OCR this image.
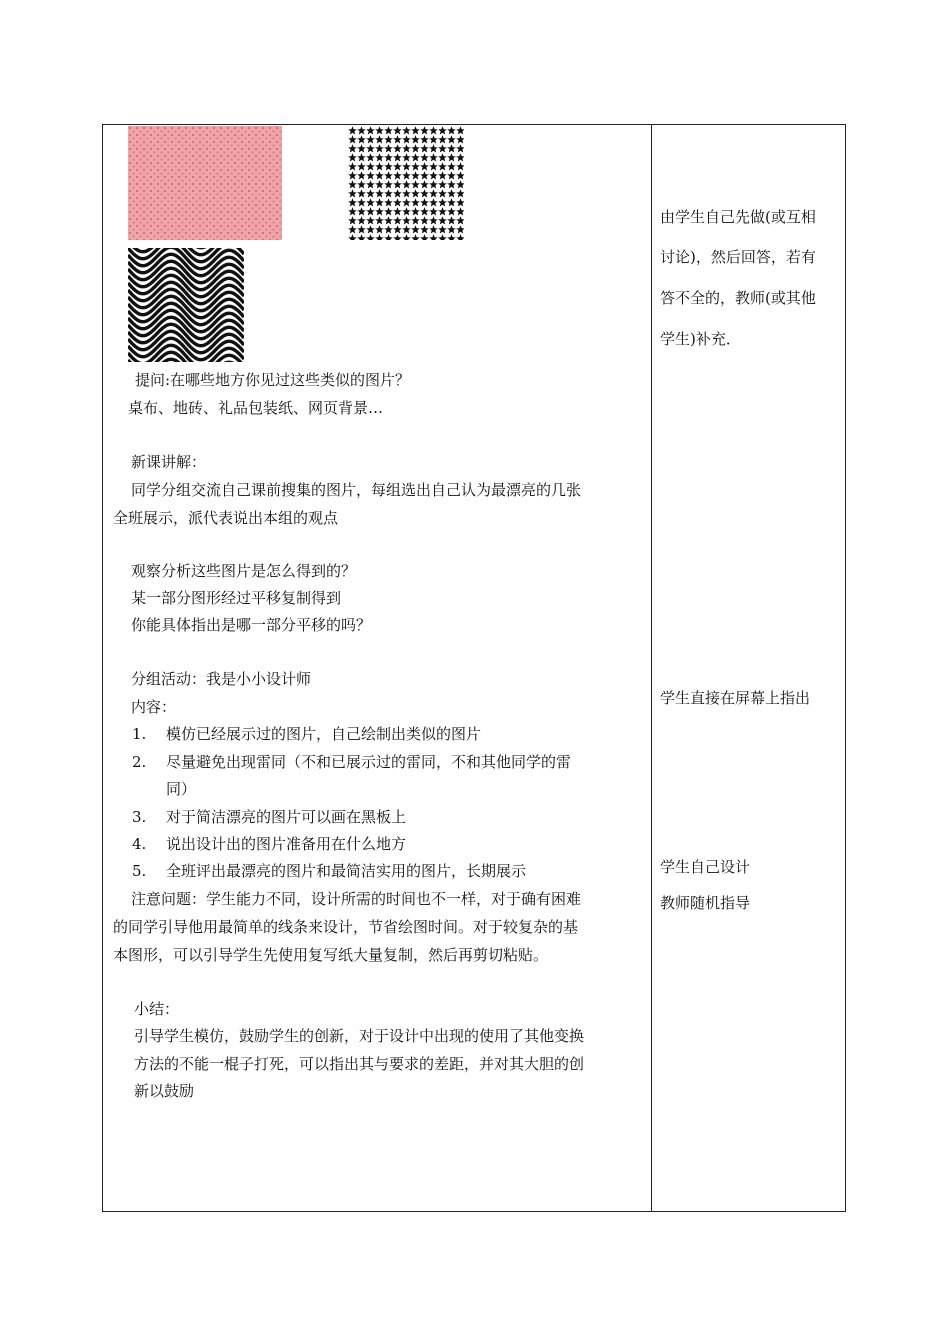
提问:在哪些地方你见过这些类似的图片？
桌布、地砖、礼品包装纸、网页背景…
新课讲解：
同学分组交流自己课前搜集的图片，每组选出自己认为最漂亮的几张
全班展示，派代表说出本组的观点
观察分析这些图片是怎么得到的？
某一部分图形经过平移复制得到
你能具体指出是哪一部分平移的吗？
分组活动：我是小小设计师
内容：
1. 模仿已经展示过的图片，自己绘制出类似的图片
2. 尽量避免出现雷同（不和已展示过的雷同，不和其他同学的雷
同）
3. 对于简洁漂亮的图片可以画在黑板上
4. 说出设计出的图片准备用在什么地方
5. 全班评出最漂亮的图片和最简洁实用的图片，长期展示
注意问题：学生能力不同，设计所需的时间也不一样，对于确有困难
的同学引导他用最简单的线条来设计，节省绘图时间。对于较复杂的基
本图形，可以引导学生先使用复写纸大量复制，然后再剪切粘贴。
小结：
引导学生模仿，鼓励学生的创新，对于设计中出现的使用了其他变换
方法的不能一棍子打死，可以指出其与要求的差距，并对其大胆的创
新以鼓励
由学生自己先做(或互相
讨论)，然后回答，若有
答不全的，教师(或其他
学生)补充．
学生直接在屏幕上指出
学生自己设计
教师随机指导
